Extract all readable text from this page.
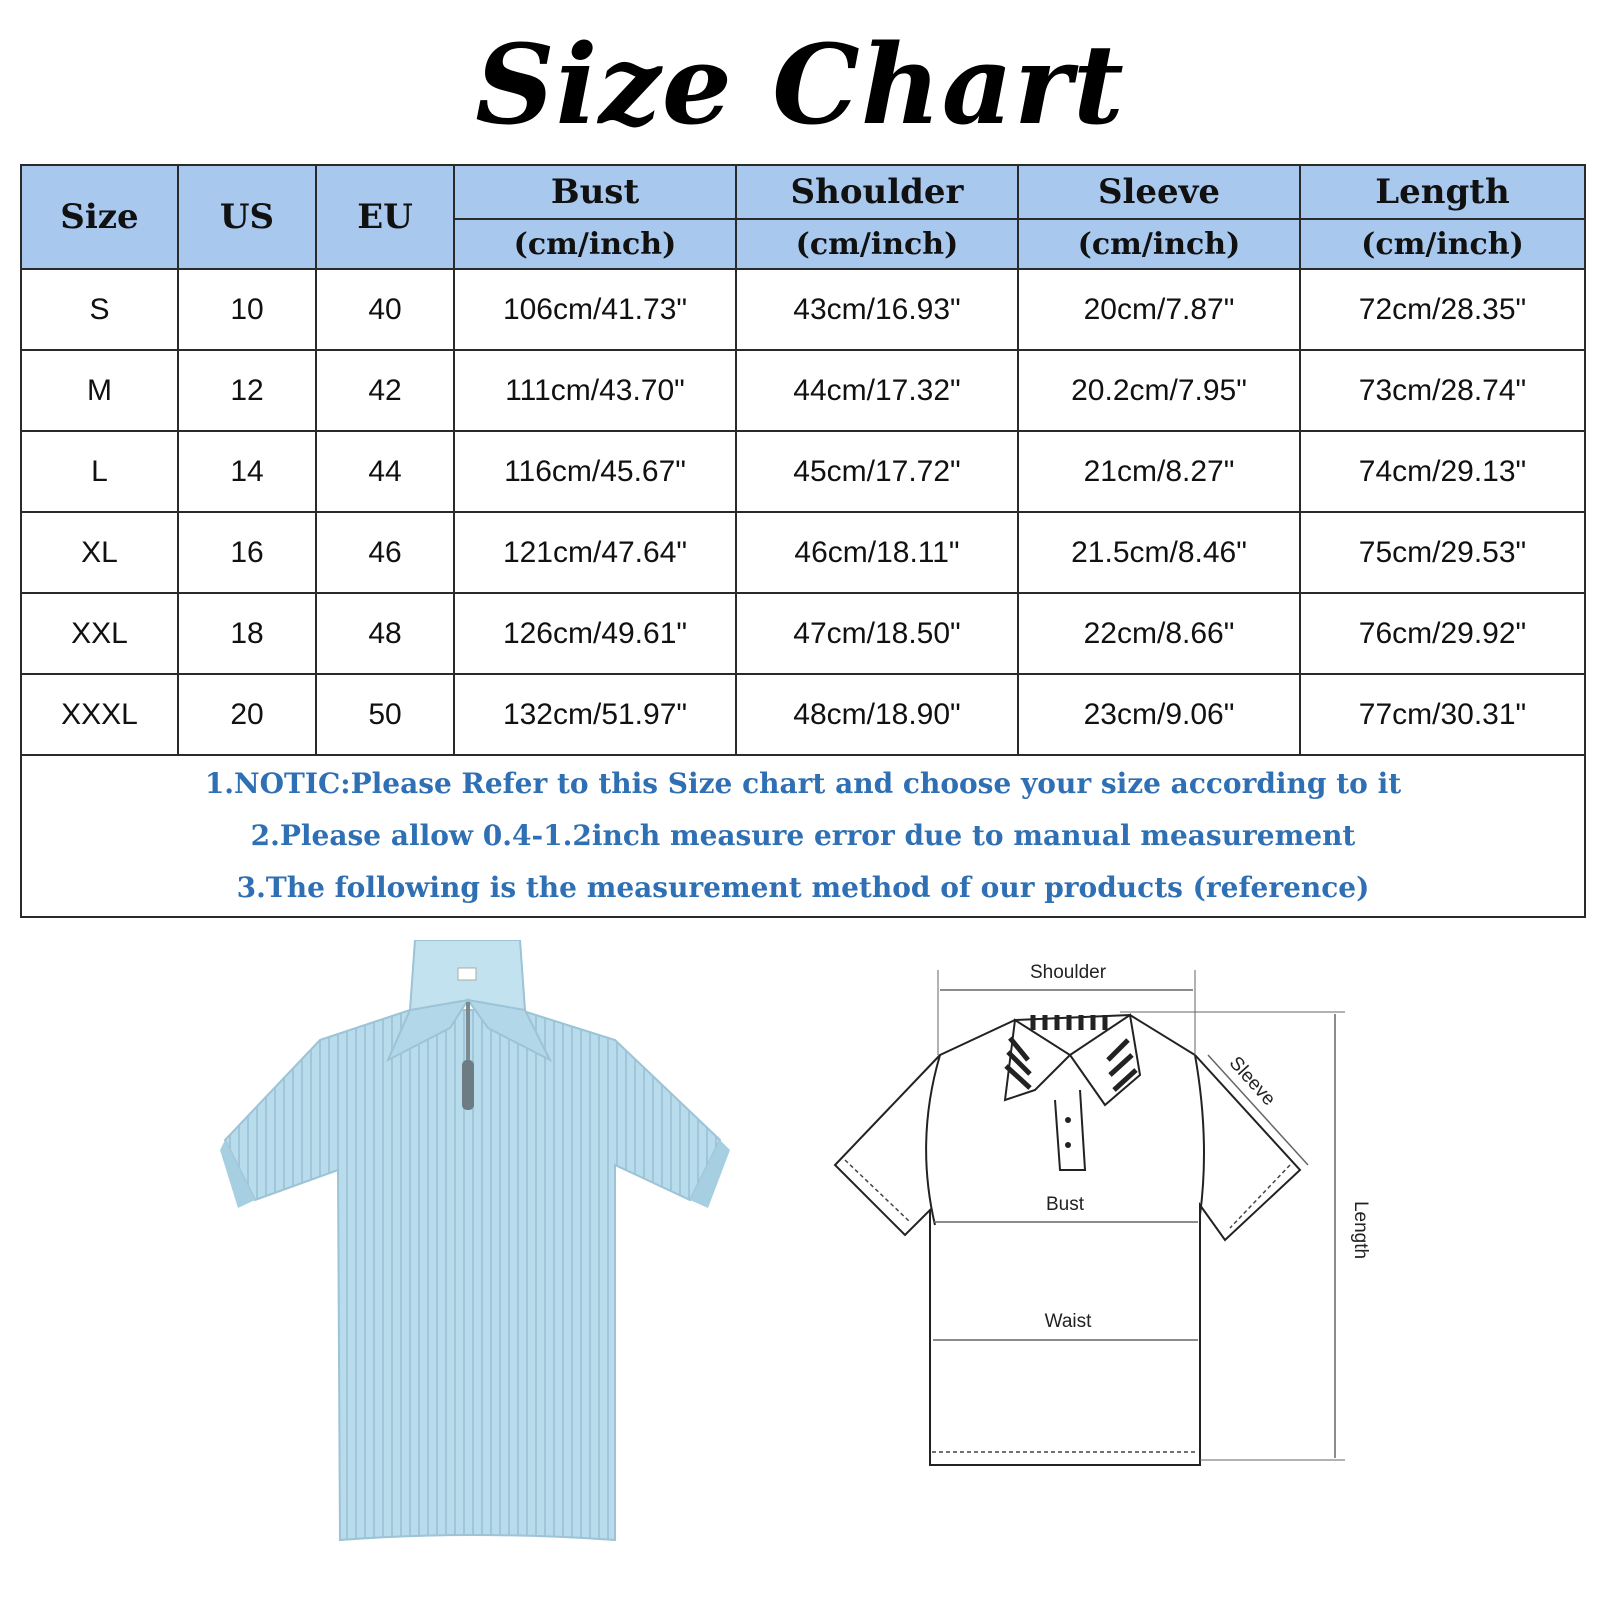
Size Chart
Size	US	EU	Bust	Shoulder	Sleeve	Length
			(cm/inch)	(cm/inch)	(cm/inch)	(cm/inch)
S	10	40	106cm/41.73"	43cm/16.93"	20cm/7.87"	72cm/28.35"
M	12	42	111cm/43.70"	44cm/17.32"	20.2cm/7.95"	73cm/28.74"
L	14	44	116cm/45.67"	45cm/17.72"	21cm/8.27"	74cm/29.13"
XL	16	46	121cm/47.64"	46cm/18.11"	21.5cm/8.46"	75cm/29.53"
XXL	18	48	126cm/49.61"	47cm/18.50"	22cm/8.66"	76cm/29.92"
XXXL	20	50	132cm/51.97"	48cm/18.90"	23cm/9.06"	77cm/30.31"

1.NOTIC:Please Refer to this Size chart and choose your size according to it
2.Please allow 0.4-1.2inch measure error due to manual measurement
3.The following is the measurement method of our products (reference)						
Shoulder
Sleeve
Bust
Waist
Length
